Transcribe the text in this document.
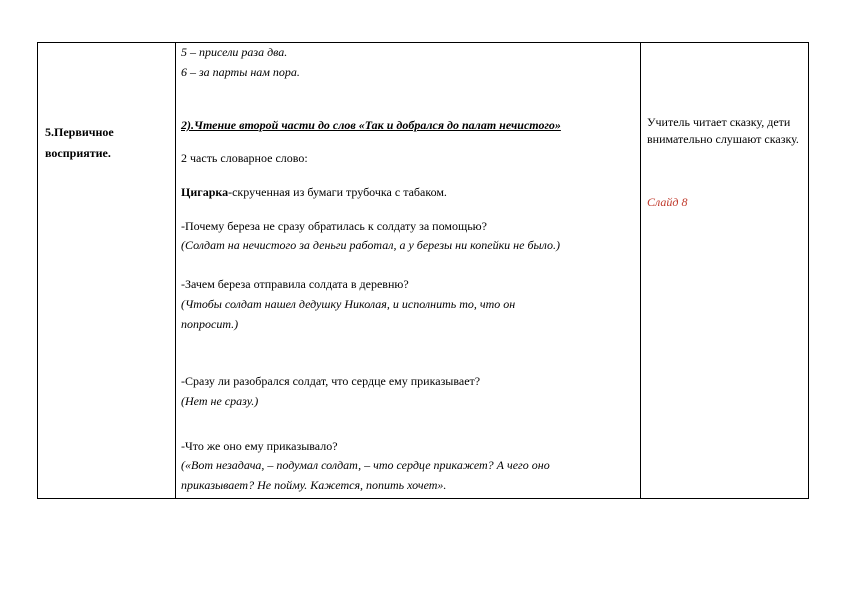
5.Первичное восприятие.
5 – присели раза два.
6 – за парты нам пора.
2).Чтение второй части до слов «Так и добрался до палат нечистого»
2 часть словарное слово:
Цигарка-скрученная из бумаги трубочка с табаком.
-Почему береза не сразу обратилась к солдату за помощью?
(Солдат на нечистого за деньги работал, а у березы ни копейки не было.)
-Зачем береза отправила солдата в деревню?
(Чтобы солдат нашел дедушку Николая, и исполнить то, что он
попросит.)
-Сразу ли разобрался солдат, что сердце ему приказывает?
(Нет не сразу.)
-Что же оно ему приказывало?
(«Вот незадача, – подумал солдат, – что сердце прикажет? А чего оно
приказывает? Не пойму. Кажется, попить хочет».
Учитель читает сказку, дети внимательно слушают сказку.
Слайд 8
